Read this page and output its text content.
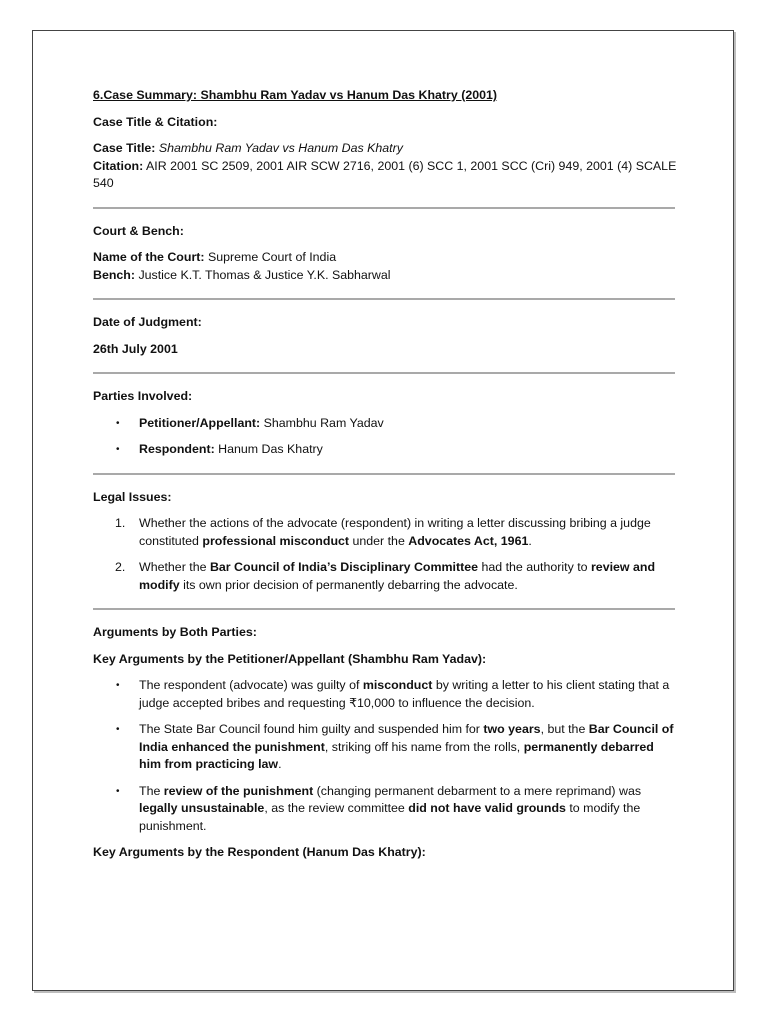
6.Case Summary: Shambhu Ram Yadav vs Hanum Das Khatry (2001)

Case Title & Citation:

Case Title: Shambhu Ram Yadav vs Hanum Das Khatry

Citation: AIR 2001 SC 2509, 2001 AIR SCW 2716, 2001 (6) SCC 1, 2001 SCC (Cri) 949, 2001 (4) SCALE 540

Court & Bench:

Name of the Court: Supreme Court of India

Bench: Justice K.T. Thomas & Justice Y.K. Sabharwal

Date of Judgment:

26th July 2001

Parties Involved:

• Petitioner/Appellant: Shambhu Ram Yadav
• Respondent: Hanum Das Khatry

Legal Issues:

1. Whether the actions of the advocate (respondent) in writing a letter discussing bribing a judge constituted professional misconduct under the Advocates Act, 1961.
2. Whether the Bar Council of India’s Disciplinary Committee had the authority to review and modify its own prior decision of permanently debarring the advocate.

Arguments by Both Parties:

Key Arguments by the Petitioner/Appellant (Shambhu Ram Yadav):

• The respondent (advocate) was guilty of misconduct by writing a letter to his client stating that a judge accepted bribes and requesting ₹10,000 to influence the decision.
• The State Bar Council found him guilty and suspended him for two years, but the Bar Council of India enhanced the punishment, striking off his name from the rolls, permanently debarred him from practicing law.
• The review of the punishment (changing permanent debarment to a mere reprimand) was legally unsustainable, as the review committee did not have valid grounds to modify the punishment.

Key Arguments by the Respondent (Hanum Das Khatry):
